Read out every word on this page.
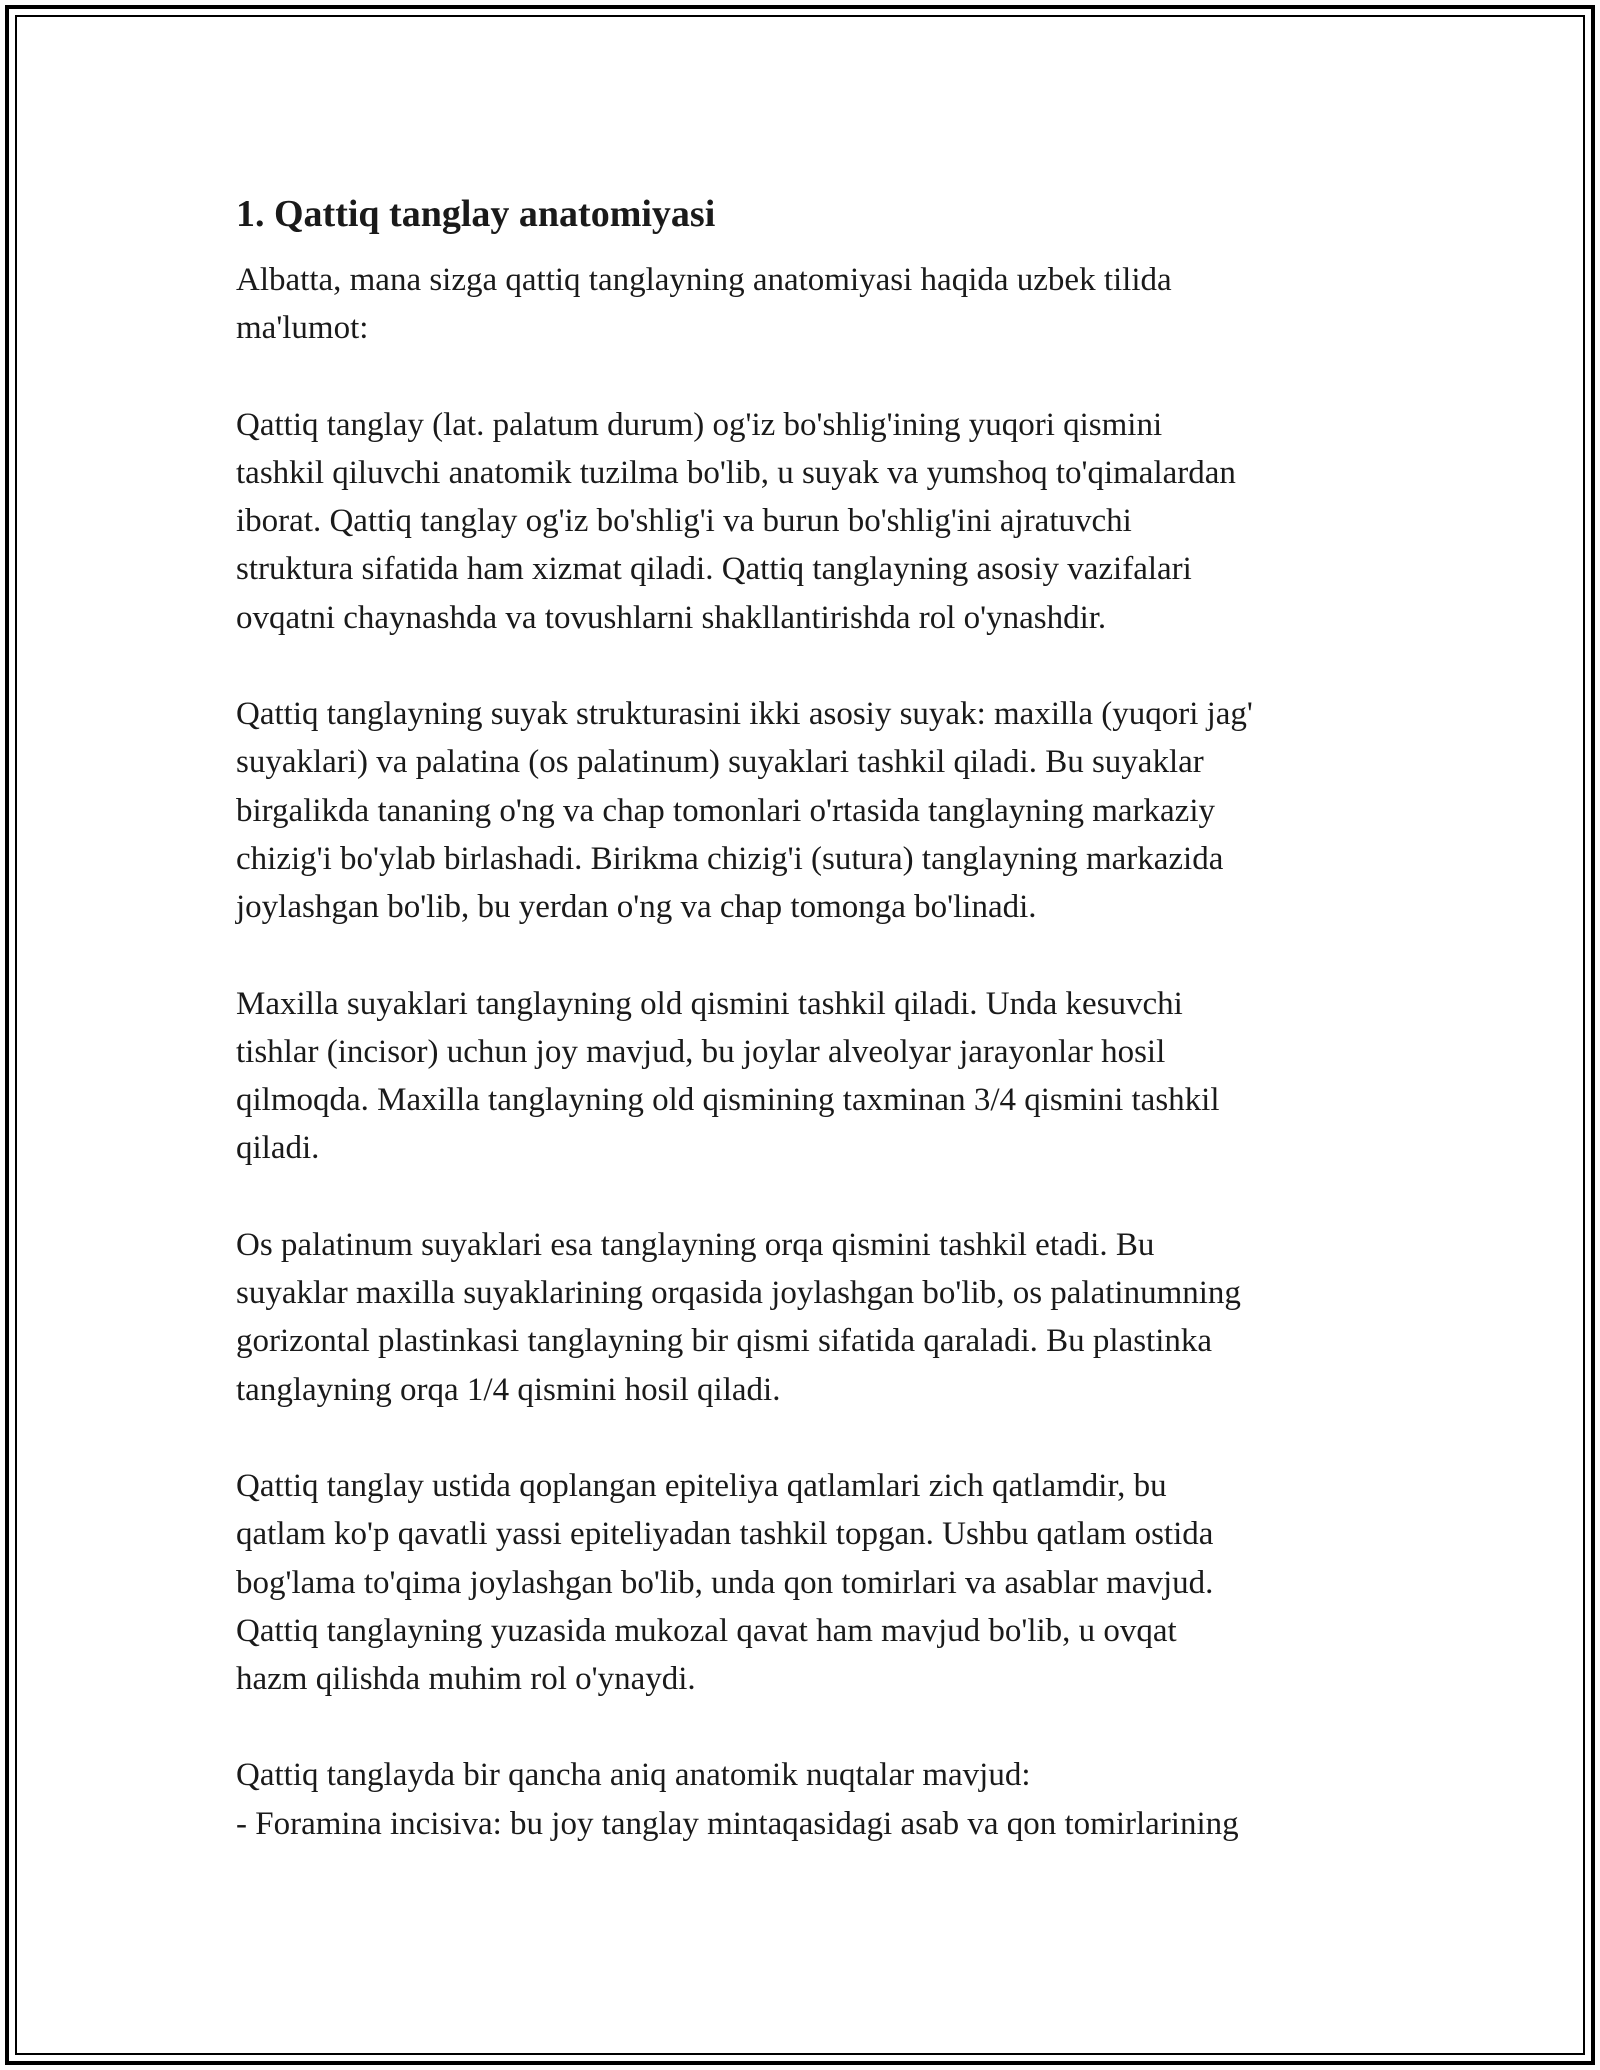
1. Qattiq tanglay anatomiyasi

Albatta, mana sizga qattiq tanglayning anatomiyasi haqida uzbek tilida
ma'lumot:

Qattiq tanglay (lat. palatum durum) og'iz bo'shlig'ining yuqori qismini
tashkil qiluvchi anatomik tuzilma bo'lib, u suyak va yumshoq to'qimalardan
iborat. Qattiq tanglay og'iz bo'shlig'i va burun bo'shlig'ini ajratuvchi
struktura sifatida ham xizmat qiladi. Qattiq tanglayning asosiy vazifalari
ovqatni chaynashda va tovushlarni shakllantirishda rol o'ynashdir.

Qattiq tanglayning suyak strukturasini ikki asosiy suyak: maxilla (yuqori jag'
suyaklari) va palatina (os palatinum) suyaklari tashkil qiladi. Bu suyaklar
birgalikda tananing o'ng va chap tomonlari o'rtasida tanglayning markaziy
chizig'i bo'ylab birlashadi. Birikma chizig'i (sutura) tanglayning markazida
joylashgan bo'lib, bu yerdan o'ng va chap tomonga bo'linadi.

Maxilla suyaklari tanglayning old qismini tashkil qiladi. Unda kesuvchi
tishlar (incisor) uchun joy mavjud, bu joylar alveolyar jarayonlar hosil
qilmoqda. Maxilla tanglayning old qismining taxminan 3/4 qismini tashkil
qiladi.

Os palatinum suyaklari esa tanglayning orqa qismini tashkil etadi. Bu
suyaklar maxilla suyaklarining orqasida joylashgan bo'lib, os palatinumning
gorizontal plastinkasi tanglayning bir qismi sifatida qaraladi. Bu plastinka
tanglayning orqa 1/4 qismini hosil qiladi.

Qattiq tanglay ustida qoplangan epiteliya qatlamlari zich qatlamdir, bu
qatlam ko'p qavatli yassi epiteliyadan tashkil topgan. Ushbu qatlam ostida
bog'lama to'qima joylashgan bo'lib, unda qon tomirlari va asablar mavjud.
Qattiq tanglayning yuzasida mukozal qavat ham mavjud bo'lib, u ovqat
hazm qilishda muhim rol o'ynaydi.

Qattiq tanglayda bir qancha aniq anatomik nuqtalar mavjud:
- Foramina incisiva: bu joy tanglay mintaqasidagi asab va qon tomirlarining
